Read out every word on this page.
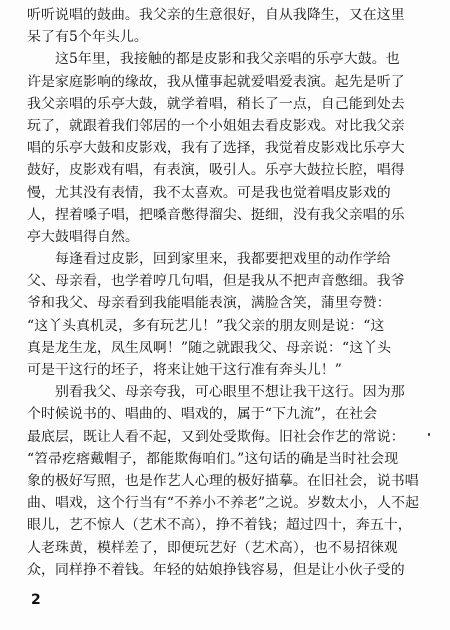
听听说唱的鼓曲。我父亲的生意很好，自从我降生，又在这里
呆了有5个年头儿。
这5年里，我接触的都是皮影和我父亲唱的乐亭大鼓。也
许是家庭影响的缘故，我从懂事起就爱唱爱表演。起先是听了
我父亲唱的乐亭大鼓，就学着唱，稍长了一点，自己能到处去
玩了，就跟着我们邻居的一个小姐姐去看皮影戏。对比我父亲
唱的乐亭大鼓和皮影戏，我有了选择，我觉着皮影戏比乐亭大
鼓好，皮影戏有唱，有表演，吸引人。乐亭大鼓拉长腔，唱得
慢，尤其没有表情，我不太喜欢。可是我也觉着唱皮影戏的
人，捏着嗓子唱，把嗓音憋得溜尖、挺细，没有我父亲唱的乐
亭大鼓唱得自然。
每逢看过皮影，回到家里来，我都要把戏里的动作学给
父、母亲看，也学着哼几句唱，但是我从不把声音憋细。我爷
爷和我父、母亲看到我能唱能表演，满脸含笑，蒲里夸赞：
“这丫头真机灵，多有玩艺儿！”我父亲的朋友则是说：“这
真是龙生龙，凤生凤啊！”随之就跟我父、母亲说：“这丫头
可是干这行的坯子，将来让她干这行准有奔头儿！”
别看我父、母亲夸我，可心眼里不想让我干这行。因为那
个时候说书的、唱曲的、唱戏的，属于“下九流”，在社会
最底层，既让人看不起，又到处受欺侮。旧社会作艺的常说：
“笤帚疙瘩戴帽子，都能欺侮咱们。”这句话的确是当时社会现
象的极好写照，也是作艺人心理的极好描摹。在旧社会，说书唱
曲、唱戏，这个行当有“不养小不养老”之说。岁数太小，人不起
眼儿，艺不惊人（艺术不高），挣不着钱；超过四十，奔五十，
人老珠黄，模样差了，即便玩艺好（艺术高），也不易招徕观
众，同样挣不着钱。年轻的姑娘挣钱容易，但是让小伙子受的
2
